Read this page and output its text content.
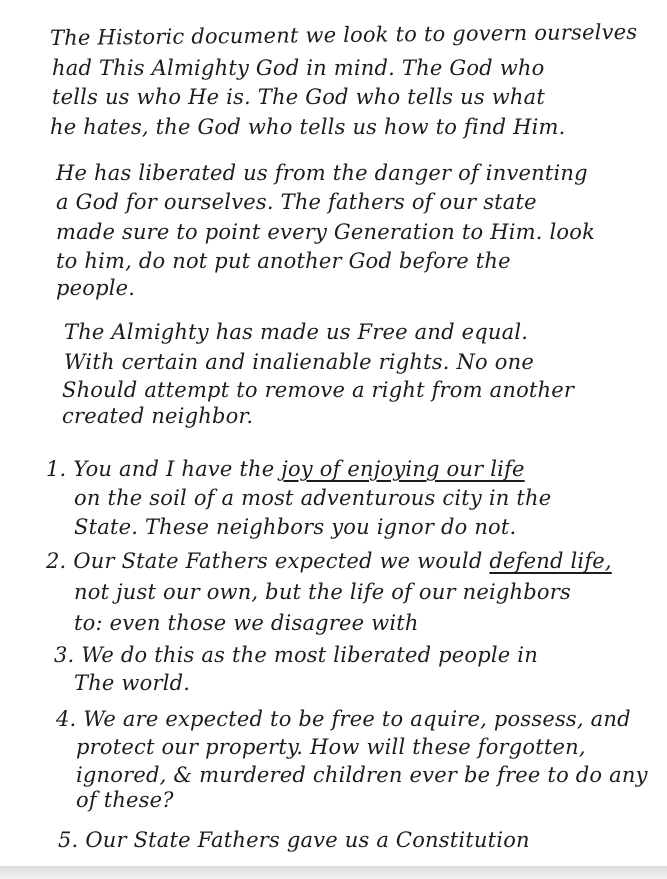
The Historic document we look to to govern ourselves
had This Almighty God in mind. The God who
tells us who He is. The God who tells us what
he hates, the God who tells us how to find Him.
He has liberated us from the danger of inventing
a God for ourselves. The fathers of our state
made sure to point every Generation to Him. look
to him, do not put another God before the
people.
The Almighty has made us Free and equal.
With certain and inalienable rights. No one
Should attempt to remove a right from another
created neighbor.
1. You and I have the joy of enjoying our life
on the soil of a most adventurous city in the
State. These neighbors you ignor do not.
2. Our State Fathers expected we would defend life,
not just our own, but the life of our neighbors
to: even those we disagree with
3. We do this as the most liberated people in
The world.
4. We are expected to be free to aquire, possess, and
protect our property. How will these forgotten,
ignored, & murdered children ever be free to do any
of these?
5. Our State Fathers gave us a Constitution
